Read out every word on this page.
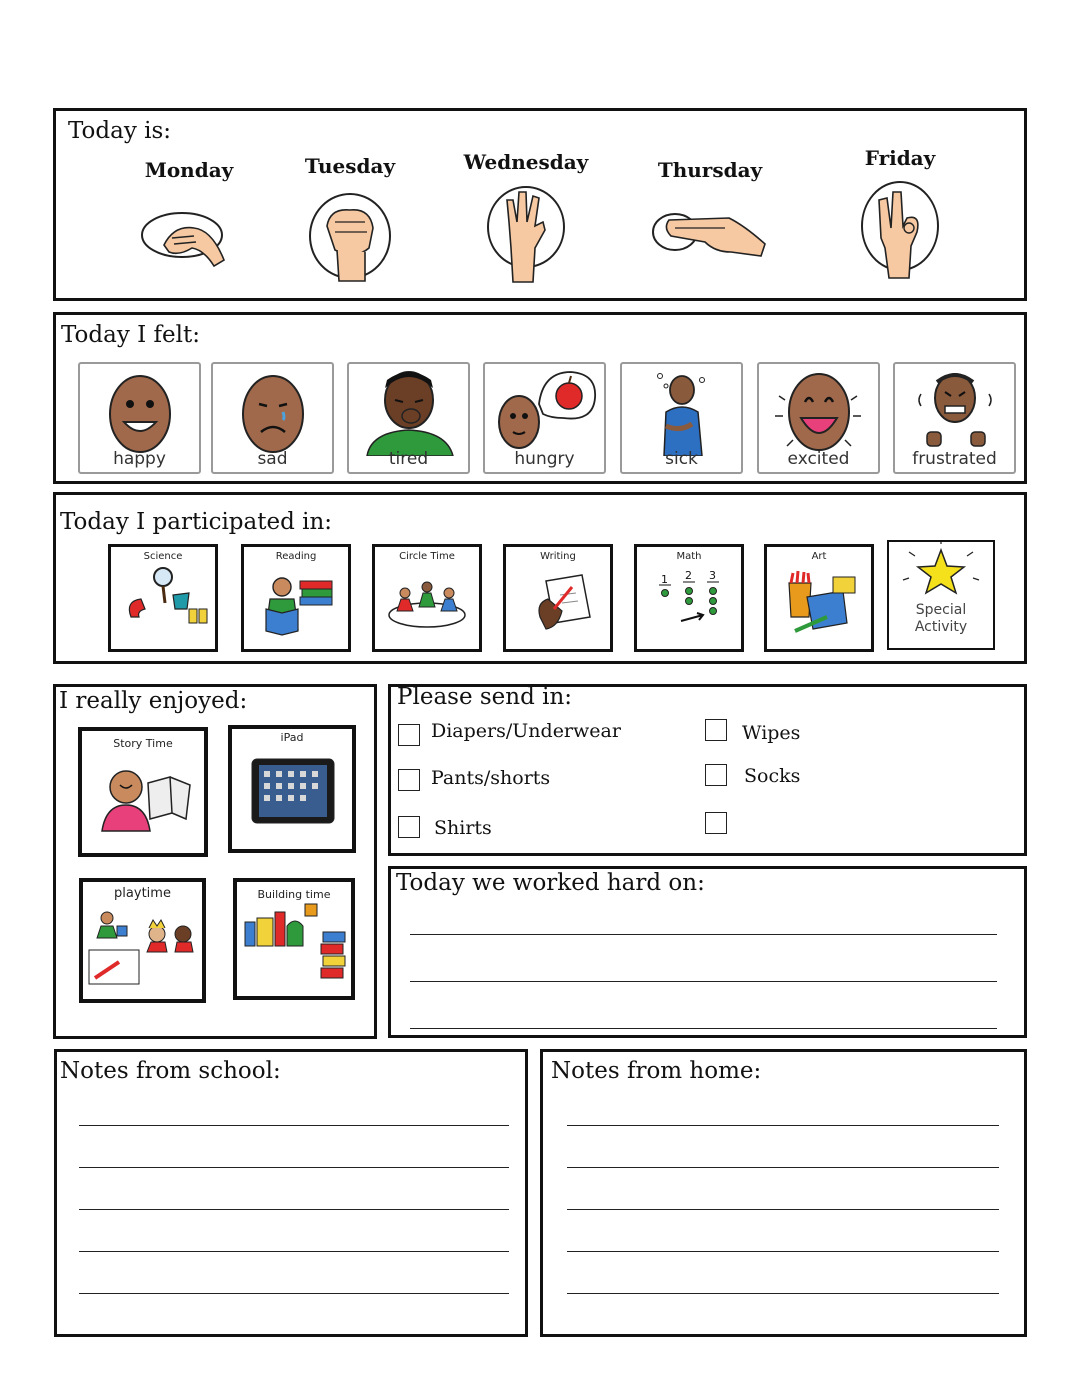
Today is:
Monday	Tuesday	Wednesday	Thursday	Friday
Today I felt:
happy	sad	tired	hungry	sick	excited	frustrated
Today I participated in:
Science	Reading	Circle Time	Writing
1 2 3
Math	Art
Special
Activity
I really enjoyed:
Story Time	iPad
playtime	Building time
Please send in:
Diapers/Underwear	Wipes
Pants/shorts	Socks
Shirts
Today we worked hard on:
Notes from school:	Notes from home:
